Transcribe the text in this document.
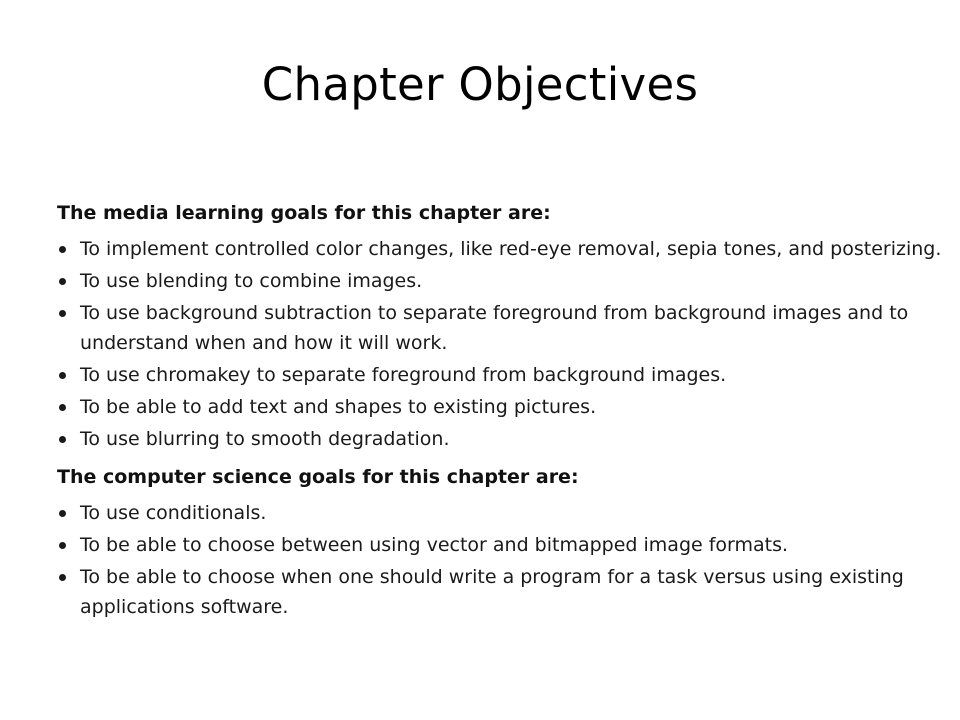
Chapter Objectives
The media learning goals for this chapter are:
To implement controlled color changes, like red-eye removal, sepia tones, and posterizing.
To use blending to combine images.
To use background subtraction to separate foreground from background images and to understand when and how it will work.
To use chromakey to separate foreground from background images.
To be able to add text and shapes to existing pictures.
To use blurring to smooth degradation.
The computer science goals for this chapter are:
To use conditionals.
To be able to choose between using vector and bitmapped image formats.
To be able to choose when one should write a program for a task versus using existing applications software.
